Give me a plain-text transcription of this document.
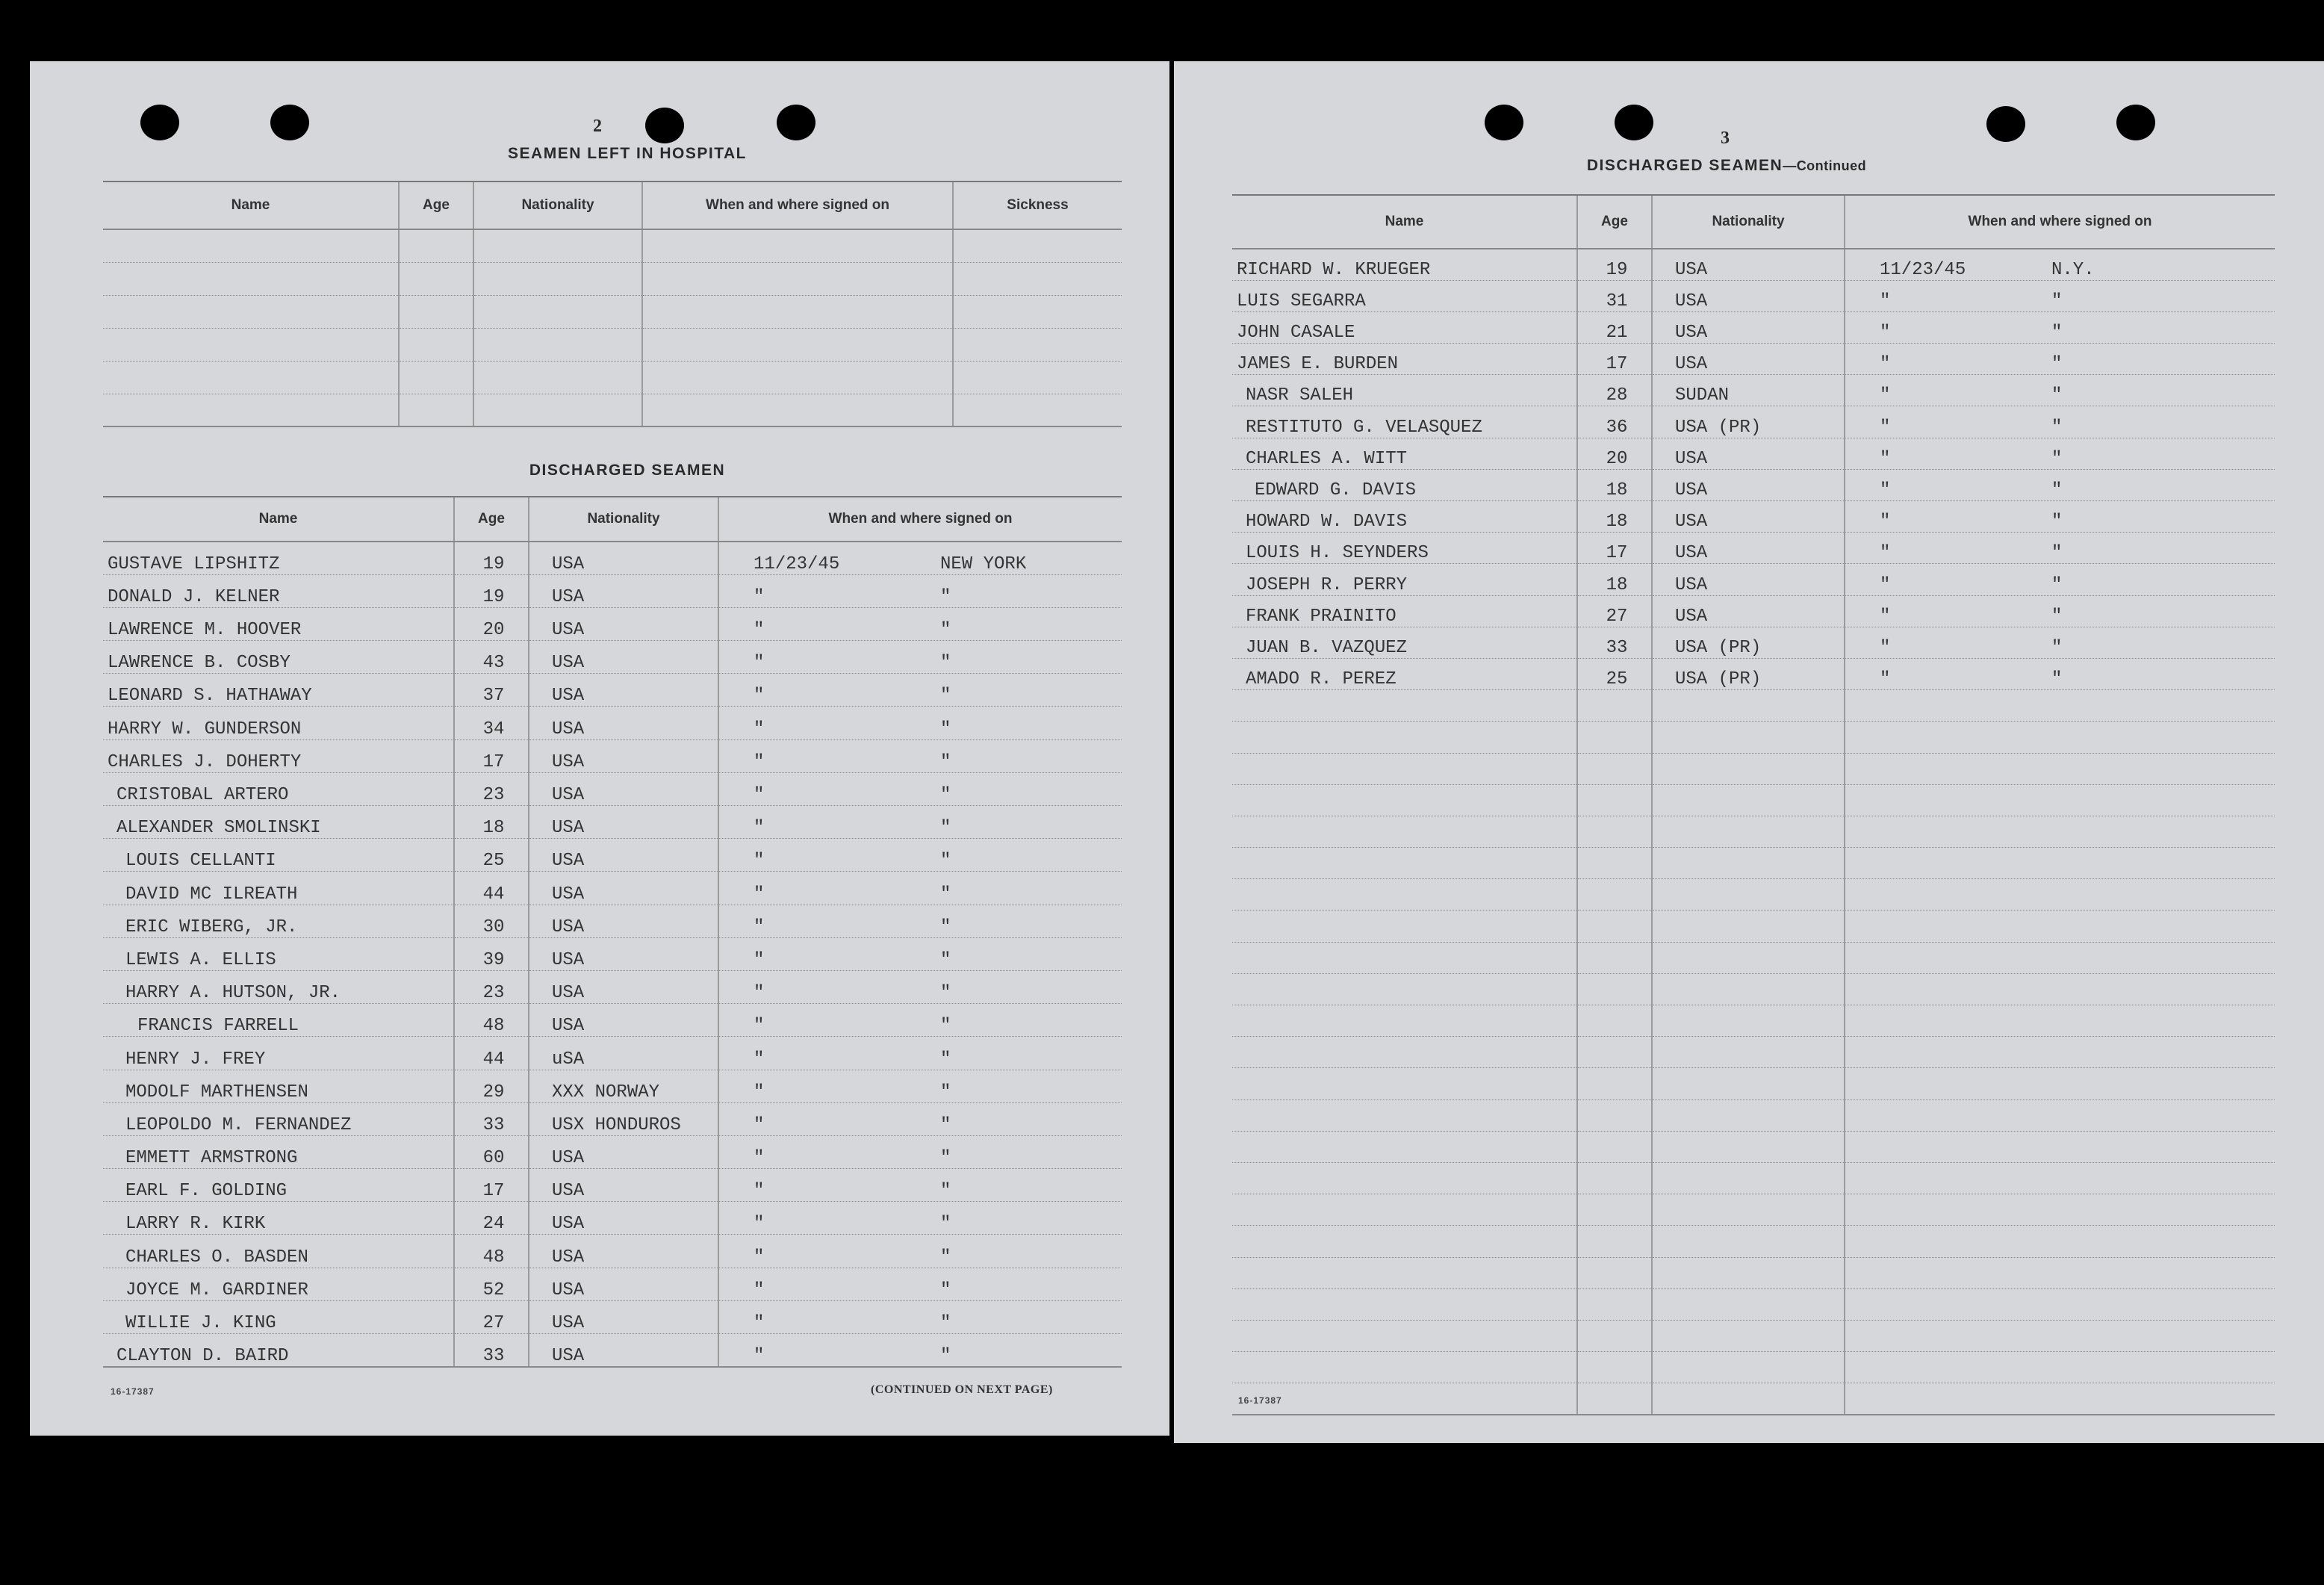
2
SEAMEN LEFT IN HOSPITAL
Name	Age	Nationality	When and where signed on	Sickness

DISCHARGED SEAMEN
Name	Age	Nationality	When and where signed on
GUSTAVE LIPSHITZ	19	USA	11/23/45 NEW YORK
DONALD J. KELNER	19	USA	" "
LAWRENCE M. HOOVER	20	USA	" "
LAWRENCE B. COSBY	43	USA	" "
LEONARD S. HATHAWAY	37	USA	" "
HARRY W. GUNDERSON	34	USA	" "
CHARLES J. DOHERTY	17	USA	" "
CRISTOBAL ARTERO	23	USA	" "
ALEXANDER SMOLINSKI	18	USA	" "
LOUIS CELLANTI	25	USA	" "
DAVID MC ILREATH	44	USA	" "
ERIC WIBERG, JR.	30	USA	" "
LEWIS A. ELLIS	39	USA	" "
HARRY A. HUTSON, JR.	23	USA	" "
FRANCIS FARRELL	48	USA	" "
HENRY J. FREY	44	uSA	" "
MODOLF MARTHENSEN	29	XXX NORWAY	" "
LEOPOLDO M. FERNANDEZ	33	USX HONDUROS	" "
EMMETT ARMSTRONG	60	USA	" "
EARL F. GOLDING	17	USA	" "
LARRY R. KIRK	24	USA	" "
CHARLES O. BASDEN	48	USA	" "
JOYCE M. GARDINER	52	USA	" "
WILLIE J. KING	27	USA	" "
CLAYTON D. BAIRD	33	USA	" "
16-17387	(CONTINUED ON NEXT PAGE)
3
DISCHARGED SEAMEN—Continued
Name	Age	Nationality	When and where signed on
RICHARD W. KRUEGER	19	USA	11/23/45 N.Y.
LUIS SEGARRA	31	USA	" "
JOHN CASALE	21	USA	" "
JAMES E. BURDEN	17	USA	" "
NASR SALEH	28	SUDAN	" "
RESTITUTO G. VELASQUEZ	36	USA (PR)	" "
CHARLES A. WITT	20	USA	" "
EDWARD G. DAVIS	18	USA	" "
HOWARD W. DAVIS	18	USA	" "
LOUIS H. SEYNDERS	17	USA	" "
JOSEPH R. PERRY	18	USA	" "
FRANK PRAINITO	27	USA	" "
JUAN B. VAZQUEZ	33	USA (PR)	" "
AMADO R. PEREZ	25	USA (PR)	" "

16-17387
